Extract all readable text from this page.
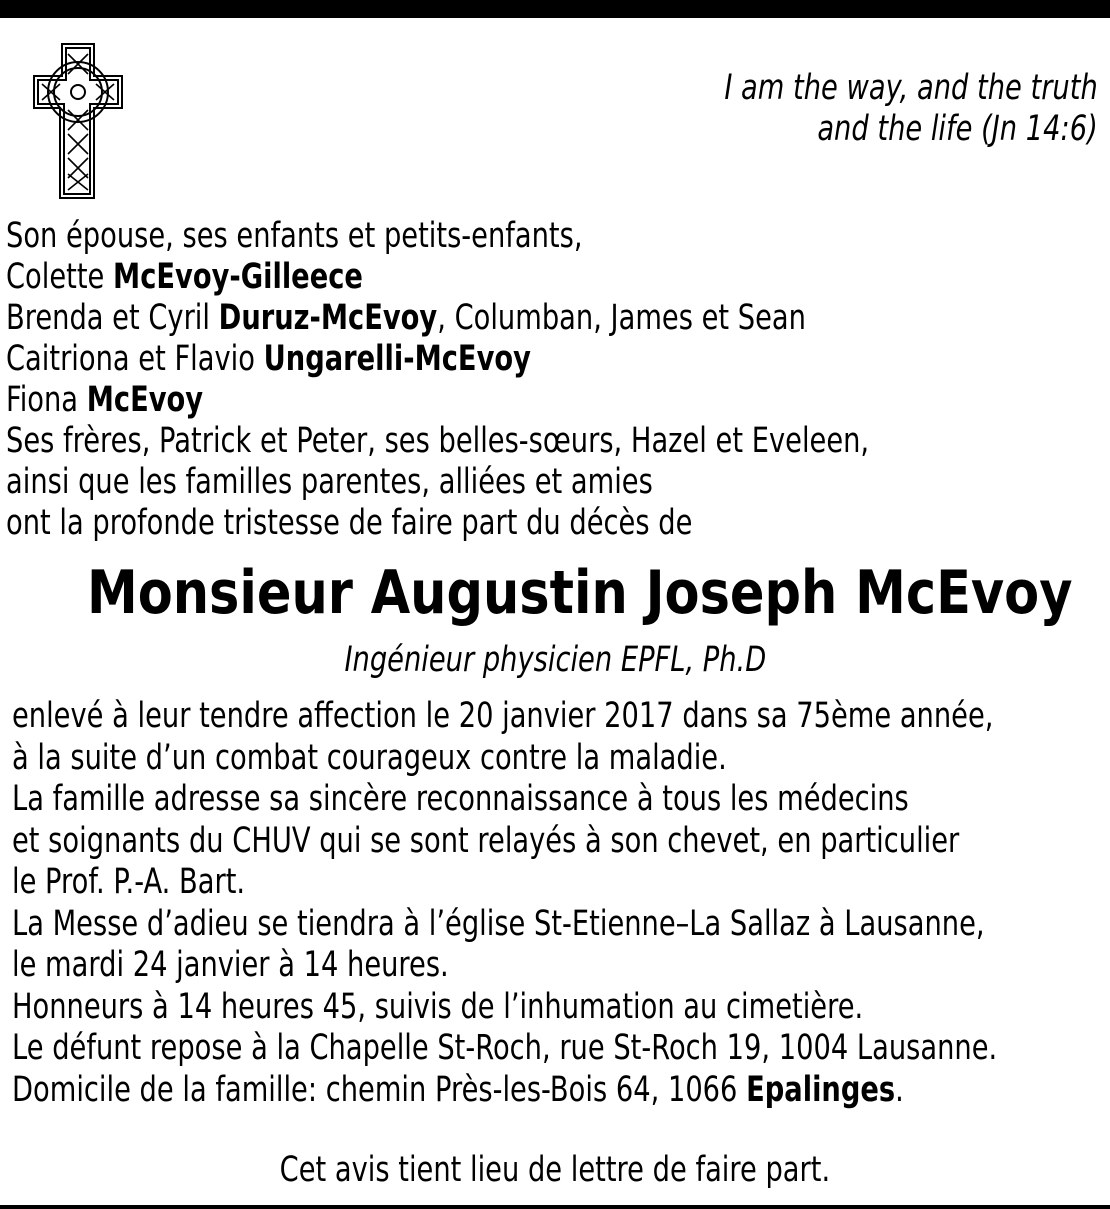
I am the way, and the truth
and the life (Jn 14:6)
Son épouse, ses enfants et petits-enfants,
Colette McEvoy-Gilleece
Brenda et Cyril Duruz-McEvoy, Columban, James et Sean
Caitriona et Flavio Ungarelli-McEvoy
Fiona McEvoy
Ses frères, Patrick et Peter, ses belles-sœurs, Hazel et Eveleen,
ainsi que les familles parentes, alliées et amies
ont la profonde tristesse de faire part du décès de
Monsieur Augustin Joseph McEvoy
Ingénieur physicien EPFL, Ph.D
enlevé à leur tendre affection le 20 janvier 2017 dans sa 75ème année,
à la suite d’un combat courageux contre la maladie.
La famille adresse sa sincère reconnaissance à tous les médecins
et soignants du CHUV qui se sont relayés à son chevet, en particulier
le Prof. P.-A. Bart.
La Messe d’adieu se tiendra à l’église St-Etienne–La Sallaz à Lausanne,
le mardi 24 janvier à 14 heures.
Honneurs à 14 heures 45, suivis de l’inhumation au cimetière.
Le défunt repose à la Chapelle St-Roch, rue St-Roch 19, 1004 Lausanne.
Domicile de la famille: chemin Près-les-Bois 64, 1066 Epalinges.
Cet avis tient lieu de lettre de faire part.
